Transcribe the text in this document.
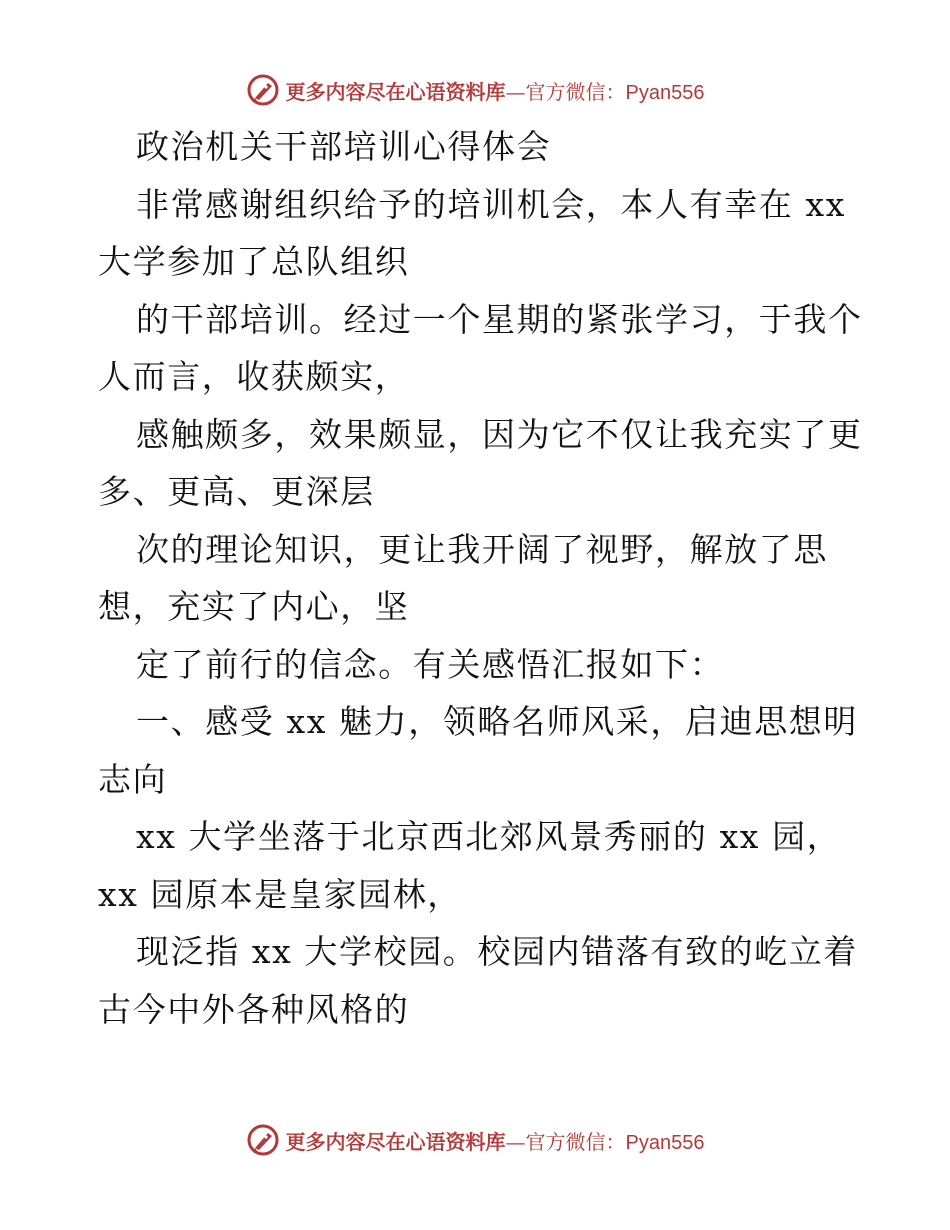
更多内容尽在心语资料库—官方微信：Pyan556
政治机关干部培训心得体会
非常感谢组织给予的培训机会，本人有幸在 xx
大学参加了总队组织
的干部培训。经过一个星期的紧张学习，于我个
人而言，收获颇实，
感触颇多，效果颇显，因为它不仅让我充实了更
多、更高、更深层
次的理论知识，更让我开阔了视野，解放了思
想，充实了内心，坚
定了前行的信念。有关感悟汇报如下：
一、感受 xx 魅力，领略名师风采，启迪思想明
志向
xx 大学坐落于北京西北郊风景秀丽的 xx 园，
xx 园原本是皇家园林，
现泛指 xx 大学校园。校园内错落有致的屹立着
古今中外各种风格的
更多内容尽在心语资料库—官方微信：Pyan556
